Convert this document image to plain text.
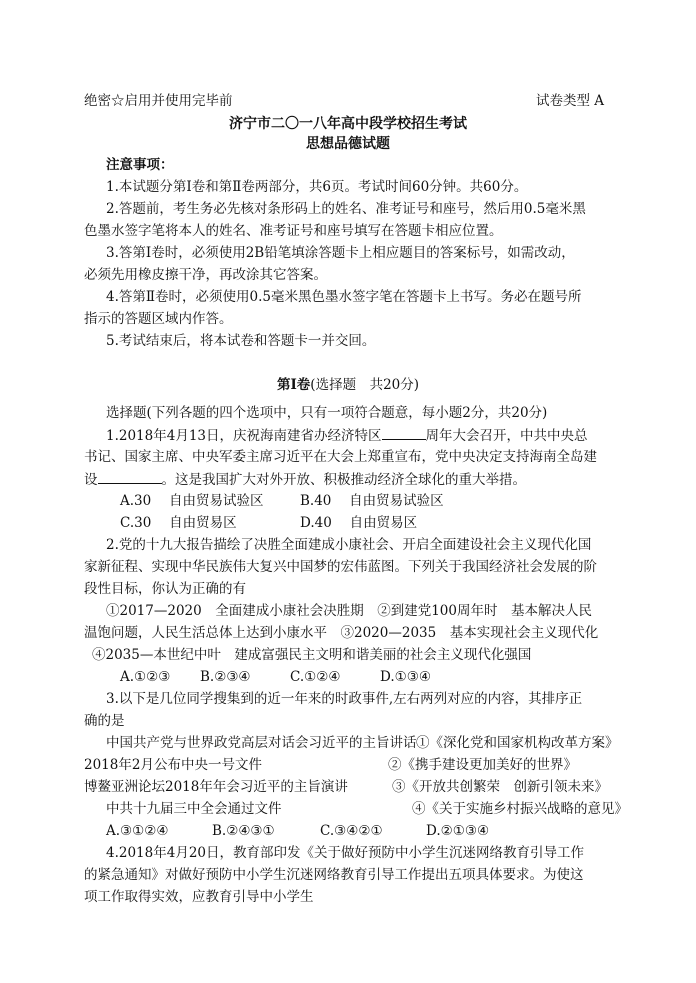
绝密☆启用并使用完毕前	试卷类型 A
济宁市二〇一八年高中段学校招生考试
思想品德试题
注意事项：
1.本试题分第Ⅰ卷和第Ⅱ卷两部分，共6页。考试时间60分钟。共60分。
2.答题前，考生务必先核对条形码上的姓名、准考证号和座号，然后用0.5毫米黑
色墨水签字笔将本人的姓名、准考证号和座号填写在答题卡相应位置。
3.答第Ⅰ卷时，必须使用2B铅笔填涂答题卡上相应题目的答案标号，如需改动，
必须先用橡皮擦干净，再改涂其它答案。
4.答第Ⅱ卷时，必须使用0.5毫米黑色墨水签字笔在答题卡上书写。务必在题号所
指示的答题区域内作答。
5.考试结束后，将本试卷和答题卡一并交回。
第Ⅰ卷(选择题　共20分)
选择题(下列各题的四个选项中，只有一项符合题意，每小题2分，共20分)
1.2018年4月13日，庆祝海南建省办经济特区	周年大会召开，中共中央总
书记、国家主席、中央军委主席习近平在大会上郑重宣布，党中央决定支持海南全岛建
设	。这是我国扩大对外开放、积极推动经济全球化的重大举措。
A.30　 自由贸易试验区	B.40　 自由贸易试验区
C.30　 自由贸易区	D.40　 自由贸易区
2.党的十九大报告描绘了决胜全面建成小康社会、开启全面建设社会主义现代化国
家新征程、实现中华民族伟大复兴中国梦的宏伟蓝图。下列关于我国经济社会发展的阶
段性目标，你认为正确的有
①2017—2020　全面建成小康社会决胜期　②到建党100周年时　基本解决人民
温饱问题，人民生活总体上达到小康水平　③2020—2035　基本实现社会主义现代化
④2035—本世纪中叶　建成富强民主文明和谐美丽的社会主义现代化强国
A.①②③ B.②③④	C.①②④	D.①③④
3.以下是几位同学搜集到的近一年来的时政事件,左右两列对应的内容，其排序正
确的是
中国共产党与世界政党高层对话会习近平的主旨讲话 ①《深化党和国家机构改革方案》
2018年2月公布中央一号文件	②《携手建设更加美好的世界》
博鳌亚洲论坛2018年年会习近平的主旨演讲	③《开放共创繁荣　创新引领未来》
中共十九届三中全会通过文件	④《关于实施乡村振兴战略的意见》
A.③①②④	B.②④③①	C.③④②①	D.②①③④
4.2018年4月20日，教育部印发《关于做好预防中小学生沉迷网络教育引导工作
的紧急通知》对做好预防中小学生沉迷网络教育引导工作提出五项具体要求。为使这
项工作取得实效，应教育引导中小学生
